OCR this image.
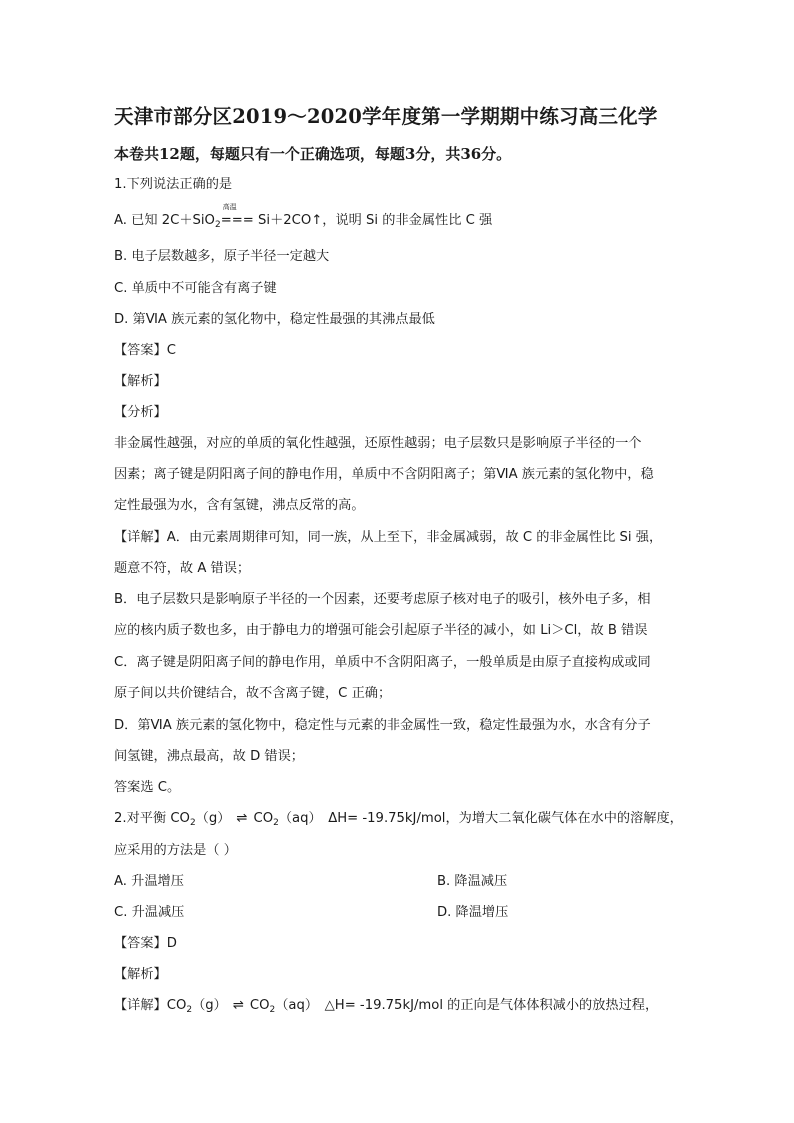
天津市部分区2019～2020学年度第一学期期中练习高三化学
本卷共12题，每题只有一个正确选项，每题3分，共36分。
1.下列说法正确的是
A. 已知 2C＋SiO$_2$
高温
=== Si＋2CO↑，说明 Si 的非金属性比 C 强
B. 电子层数越多，原子半径一定越大
C. 单质中不可能含有离子键
D. 第ⅥA 族元素的氢化物中，稳定性最强的其沸点最低
【答案】C
【解析】
【分析】
非金属性越强，对应的单质的氧化性越强，还原性越弱；电子层数只是影响原子半径的一个
因素；离子键是阴阳离子间的静电作用，单质中不含阴阳离子；第ⅥA 族元素的氢化物中，稳
定性最强为水，含有氢键，沸点反常的高。
【详解】A．由元素周期律可知，同一族，从上至下，非金属减弱，故 C 的非金属性比 Si 强，
题意不符，故 A 错误；
B．电子层数只是影响原子半径的一个因素，还要考虑原子核对电子的吸引，核外电子多，相
应的核内质子数也多，由于静电力的增强可能会引起原子半径的减小，如 Li＞Cl，故 B 错误
C．离子键是阴阳离子间的静电作用，单质中不含阴阳离子，一般单质是由原子直接构成或同
原子间以共价键结合，故不含离子键，C 正确；
D．第ⅥA 族元素的氢化物中，稳定性与元素的非金属性一致，稳定性最强为水，水含有分子
间氢键，沸点最高，故 D 错误；
答案选 C。
2.对平衡 $CO_2(g)$ ⇌ $CO_2(aq)$　ΔH= -19.75kJ/mol，为增大二氧化碳气体在水中的溶解度，
应采用的方法是（ ）
A. 升温增压	B. 降温减压
C. 升温减压	D. 降温增压
【答案】D
【解析】
【详解】$CO_2(g)$ ⇌ $CO_2(aq)$　△H= -19.75kJ/mol 的正向是气体体积减小的放热过程，
